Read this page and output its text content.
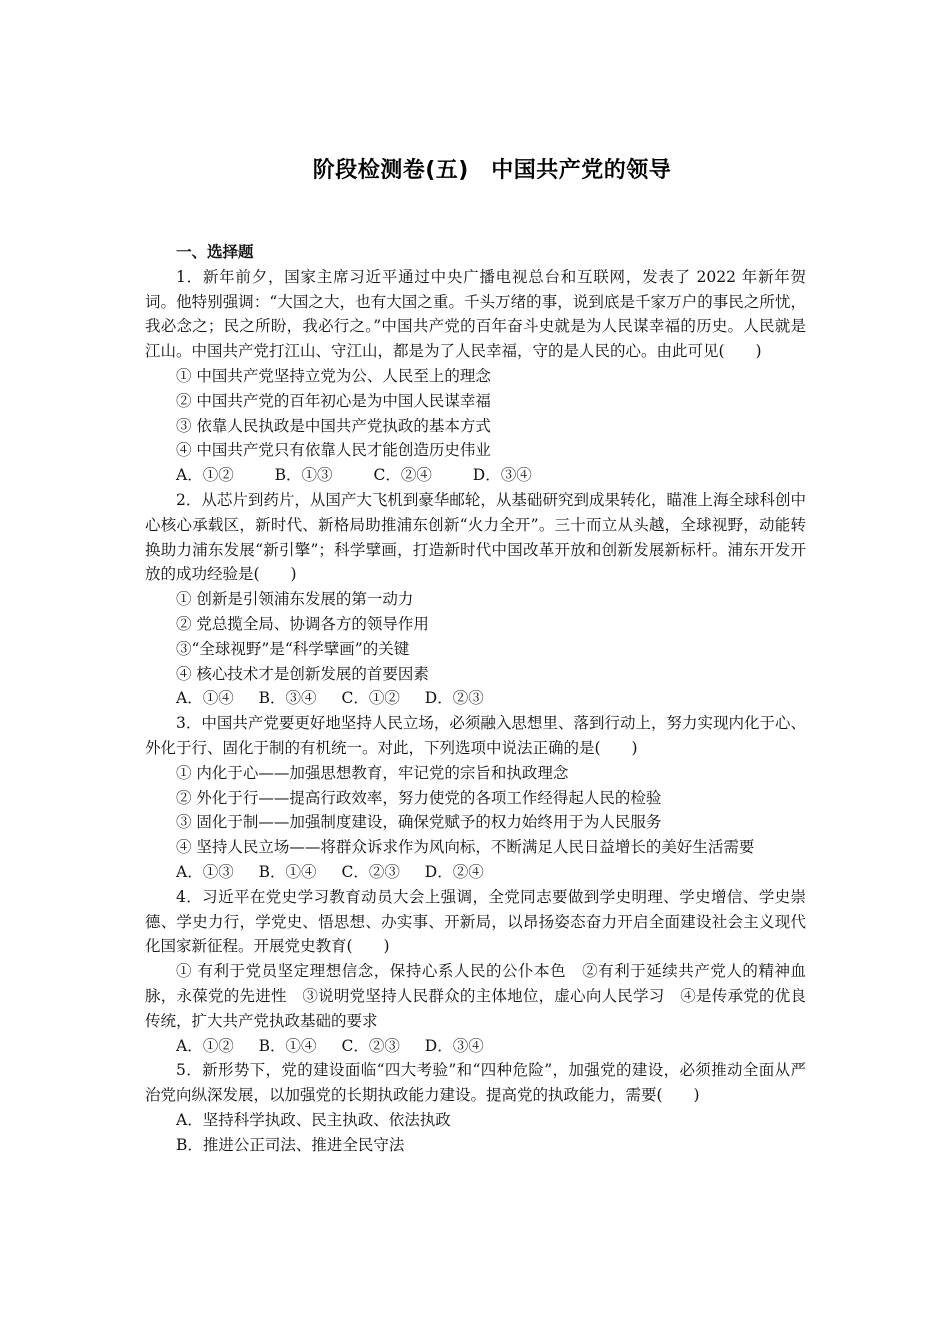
阶段检测卷(五)　中国共产党的领导
一、选择题

1．新年前夕，国家主席习近平通过中央广播电视总台和互联网，发表了 2022 年新年贺词。他特别强调：“大国之大，也有大国之重。千头万绪的事，说到底是千家万户的事民之所忧，我必念之；民之所盼，我必行之。”中国共产党的百年奋斗史就是为人民谋幸福的历史。人民就是江山。中国共产党打江山、守江山，都是为了人民幸福，守的是人民的心。由此可见(　　)

① 中国共产党坚持立党为公、人民至上的理念
② 中国共产党的百年初心是为中国人民谋幸福
③ 依靠人民执政是中国共产党执政的基本方式
④ 中国共产党只有依靠人民才能创造历史伟业
A．①②	B．①③	C．②④	D．③④

2．从芯片到药片，从国产大飞机到豪华邮轮，从基础研究到成果转化，瞄准上海全球科创中心核心承载区，新时代、新格局助推浦东创新“火力全开”。三十而立从头越，全球视野，动能转换助力浦东发展“新引擎”；科学擘画，打造新时代中国改革开放和创新发展新标杆。浦东开发开放的成功经验是(　　)

① 创新是引领浦东发展的第一动力
② 党总揽全局、协调各方的领导作用
③“全球视野”是“科学擘画”的关键
④ 核心技术才是创新发展的首要因素
A．①④ B．③④ C．①② D．②③

3．中国共产党要更好地坚持人民立场，必须融入思想里、落到行动上，努力实现内化于心、外化于行、固化于制的有机统一。对此，下列选项中说法正确的是(　　)

① 内化于心——加强思想教育，牢记党的宗旨和执政理念
② 外化于行——提高行政效率，努力使党的各项工作经得起人民的检验
③ 固化于制——加强制度建设，确保党赋予的权力始终用于为人民服务
④ 坚持人民立场——将群众诉求作为风向标，不断满足人民日益增长的美好生活需要
A．①③ B．①④ C．②③ D．②④

4．习近平在党史学习教育动员大会上强调，全党同志要做到学史明理、学史增信、学史崇德、学史力行，学党史、悟思想、办实事、开新局，以昂扬姿态奋力开启全面建设社会主义现代化国家新征程。开展党史教育(　　)

① 有利于党员坚定理想信念，保持心系人民的公仆本色　②有利于延续共产党人的精神血脉，永葆党的先进性　③说明党坚持人民群众的主体地位，虚心向人民学习　④是传承党的优良传统，扩大共产党执政基础的要求

A．①② B．①④ C．②③ D．③④

5．新形势下，党的建设面临“四大考验”和“四种危险”，加强党的建设，必须推动全面从严治党向纵深发展，以加强党的长期执政能力建设。提高党的执政能力，需要(　　)

A．坚持科学执政、民主执政、依法执政
B．推进公正司法、推进全民守法
